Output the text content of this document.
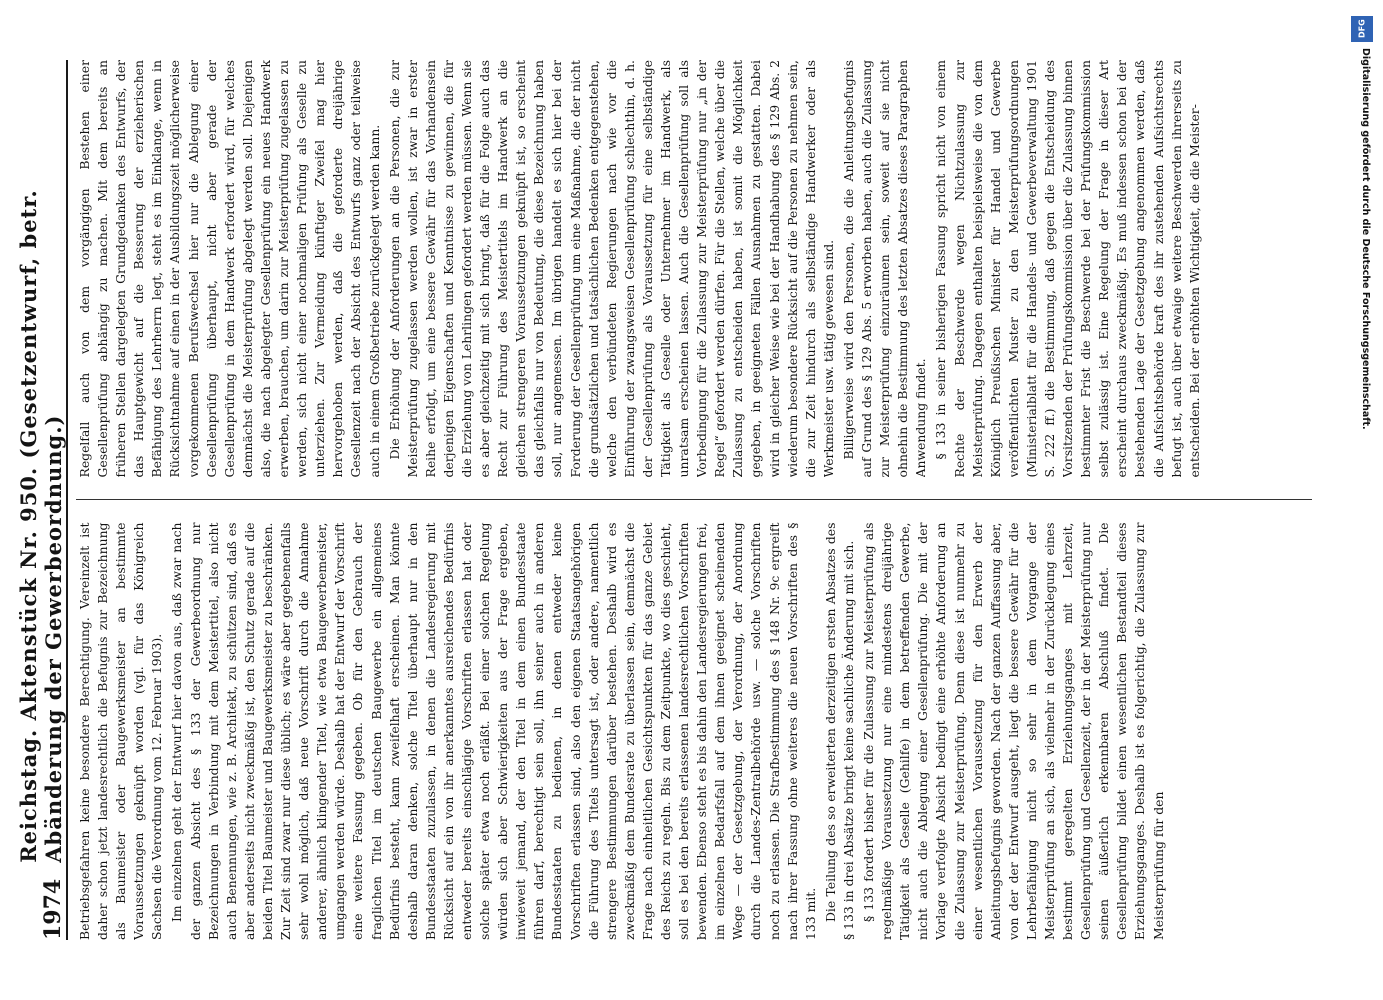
1974
Reichstag. Aktenstück Nr. 950. (Gesetzentwurf, betr. Abänderung der Gewerbeordnung.) Betriebsgefahren keine besondere Berechtigung. Vereinzelt ist daher schon jetzt landesrechtlich die Befugnis zur Bezeichnung als Baumeister oder Baugewerksmeister an bestimmte Voraussetzungen geknüpft worden (vgl. für das Königreich Sachsen die Verordnung vom 12. Februar 1903). Im einzelnen geht der Entwurf hier davon aus, daß zwar nach der ganzen Absicht des § 133 der Gewerbeordnung nur Bezeichnungen in Verbindung mit dem Meistertitel, also nicht auch Benennungen, wie z. B. Architekt, zu schützen sind, daß es aber anderseits nicht zweckmäßig ist, den Schutz gerade auf die beiden Titel Baumeister und Baugewerksmeister zu beschränken. Zur Zeit sind zwar nur diese üblich; es wäre aber gegebenenfalls sehr wohl möglich, daß neue Vorschrift durch die Annahme anderer, ähnlich klingender Titel, wie etwa Baugewerbemeister, umgangen werden würde. Deshalb hat der Entwurf der Vorschrift eine weitere Fassung gegeben. Ob für den Gebrauch der fraglichen Titel im deutschen Baugewerbe ein allgemeines Bedürfnis besteht, kann zweifelhaft erscheinen. Man könnte deshalb daran denken, solche Titel überhaupt nur in den Bundesstaaten zuzulassen, in denen die Landesregierung mit Rücksicht auf ein von ihr anerkanntes ausreichendes Bedürfnis entweder bereits einschlägige Vorschriften erlassen hat oder solche später etwa noch erläßt. Bei einer solchen Regelung würden sich aber Schwierigkeiten aus der Frage ergeben, inwieweit jemand, der den Titel in dem einen Bundesstaate führen darf, berechtigt sein soll, ihn seiner auch in anderen Bundesstaaten zu bedienen, in denen entweder keine Vorschriften erlassen sind, also den eigenen Staatsangehörigen die Führung des Titels untersagt ist, oder andere, namentlich strengere Bestimmungen darüber bestehen. Deshalb wird es zweckmäßig dem Bundesrate zu überlassen sein, demnächst die Frage nach einheitlichen Gesichtspunkten für das ganze Gebiet des Reichs zu regeln. Bis zu dem Zeitpunkte, wo dies geschieht, soll es bei den bereits erlassenen landesrechtlichen Vorschriften bewenden. Ebenso steht es bis dahin den Landesregierungen frei, im einzelnen Bedarfsfall auf dem ihnen geeignet scheinenden Wege — der Gesetzgebung, der Verordnung, der Anordnung durch die Landes-Zentralbehörde usw. — solche Vorschriften noch zu erlassen. Die Strafbestimmung des § 148 Nr. 9c ergreift nach ihrer Fassung ohne weiteres die neuen Vorschriften des § 133 mit. Die Teilung des so erweiterten derzeitigen ersten Absatzes des § 133 in drei Absätze bringt keine sachliche Änderung mit sich. § 133 fordert bisher für die Zulassung zur Meisterprüfung als regelmäßige Voraussetzung nur eine mindestens dreijährige Tätigkeit als Geselle (Gehilfe) in dem betreffenden Gewerbe, nicht auch die Ablegung einer Gesellenprüfung. Die mit der Vorlage verfolgte Absicht bedingt eine erhöhte Anforderung an die Zulassung zur Meisterprüfung. Denn diese ist nunmehr zu einer wesentlichen Voraussetzung für den Erwerb der Anleitungsbefugnis geworden. Nach der ganzen Auffassung aber, von der der Entwurf ausgeht, liegt die bessere Gewähr für die Lehrbefähigung nicht so sehr in dem Vorgange der Meisterprüfung an sich, als vielmehr in der Zurücklegung eines bestimmt geregelten Erziehungsganges mit Lehrzeit, Gesellenprüfung und Gesellenzeit, der in der Meisterprüfung nur seinen äußerlich erkennbaren Abschluß findet. Die Gesellenprüfung bildet einen wesentlichen Bestandteil dieses Erziehungsganges. Deshalb ist es folgerichtig, die Zulassung zur Meisterprüfung für den

Regelfall auch von dem vorgängigen Bestehen einer Gesellenprüfung abhängig zu machen. Mit dem bereits an früheren Stellen dargelegten Grundgedanken des Entwurfs, der das Hauptgewicht auf die Besserung der erzieherischen Befähigung des Lehrherrn legt, steht es im Einklange, wenn in Rücksichtnahme auf einen in der Ausbildungszeit möglicherweise vorgekommenen Berufswechsel hier nur die Ablegung einer Gesellenprüfung überhaupt, nicht aber gerade der Gesellenprüfung in dem Handwerk erfordert wird, für welches demnächst die Meisterprüfung abgelegt werden soll. Diejenigen also, die nach abgelegter Gesellenprüfung ein neues Handwerk erwerben, brauchen, um darin zur Meisterprüfung zugelassen zu werden, sich nicht einer nochmaligen Prüfung als Geselle zu unterziehen. Zur Vermeidung künftiger Zweifel mag hier hervorgehoben werden, daß die geforderte dreijährige Gesellenzeit nach der Absicht des Entwurfs ganz oder teilweise auch in einem Großbetriebe zurückgelegt werden kann. Die Erhöhung der Anforderungen an die Personen, die zur Meisterprüfung zugelassen werden wollen, ist zwar in erster Reihe erfolgt, um eine bessere Gewähr für das Vorhandensein derjenigen Eigenschaften und Kenntnisse zu gewinnen, die für die Erziehung von Lehrlingen gefordert werden müssen. Wenn sie es aber gleichzeitig mit sich bringt, daß für die Folge auch das Recht zur Führung des Meistertitels im Handwerk an die gleichen strengeren Voraussetzungen geknüpft ist, so erscheint das gleichfalls nur von Bedeutung, die diese Bezeichnung haben soll, nur angemessen. Im übrigen handelt es sich hier bei der Forderung der Gesellenprüfung um eine Maßnahme, die der nicht die grundsätzlichen und tatsächlichen Bedenken entgegenstehen, welche den verbündeten Regierungen nach wie vor die Einführung der zwangsweisen Gesellenprüfung schlechthin, d. h. der Gesellenprüfung als Voraussetzung für eine selbständige Tätigkeit als Geselle oder Unternehmer im Handwerk, als unratsam erscheinen lassen. Auch die Gesellenprüfung soll als Vorbedingung für die Zulassung zur Meisterprüfung nur „in der Regel“ gefordert werden dürfen. Für die Stellen, welche über die Zulassung zu entscheiden haben, ist somit die Möglichkeit gegeben, in geeigneten Fällen Ausnahmen zu gestatten. Dabei wird in gleicher Weise wie bei der Handhabung des § 129 Abs. 2 wiederum besondere Rücksicht auf die Personen zu nehmen sein, die zur Zeit hindurch als selbständige Handwerker oder als Werkmeister usw. tätig gewesen sind. Billigerweise wird den Personen, die die Anleitungsbefugnis auf Grund des § 129 Abs. 5 erworben haben, auch die Zulassung zur Meisterprüfung einzuräumen sein, soweit auf sie nicht ohnehin die Bestimmung des letzten Absatzes dieses Paragraphen Anwendung findet. § 133 in seiner bisherigen Fassung spricht nicht von einem Rechte der Beschwerde wegen Nichtzulassung zur Meisterprüfung. Dagegen enthalten beispielsweise die von dem Königlich Preußischen Minister für Handel und Gewerbe veröffentlichten Muster zu den Meisterprüfungsordnungen (Ministerialblatt für die Handels- und Gewerbeverwaltung 1901 S. 222 ff.) die Bestimmung, daß gegen die Entscheidung des Vorsitzenden der Prüfungskommission über die Zulassung binnen bestimmter Frist die Beschwerde bei der Prüfungskommission selbst zulässig ist. Eine Regelung der Frage in dieser Art erscheint durchaus zweckmäßig. Es muß indessen schon bei der bestehenden Lage der Gesetzgebung angenommen werden, daß die Aufsichtsbehörde kraft des ihr zustehenden Aufsichtsrechts befugt ist, auch über etwaige weitere Beschwerden ihrerseits zu entscheiden. Bei der erhöhten Wichtigkeit, die die Meister-

DFG
Digitalisierung gefördert durch die Deutsche Forschungsgemeinschaft.
